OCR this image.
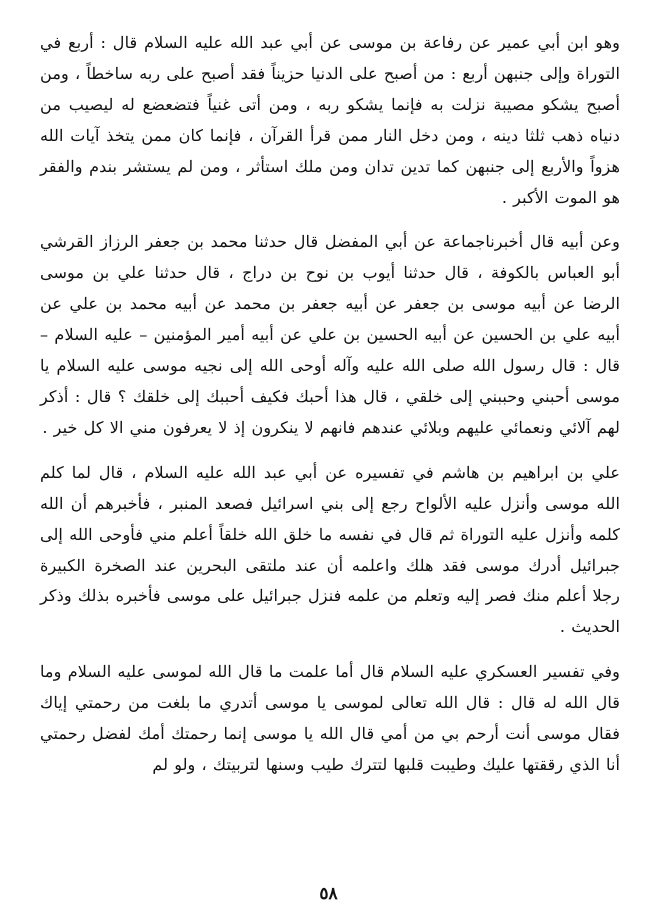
وهو ابن أبي عمير عن رفاعة بن موسى عن أبي عبد الله عليه السلام قال : أربع في التوراة وإلى جنبهن أربع : من أصبح على الدنيا حزيناً فقد أصبح على ربه ساخطاً ، ومن أصبح يشكو مصيبة نزلت به فإنما يشكو ربه ، ومن أتى غنياً فتضعضع له ليصيب من دنياه ذهب ثلثا دينه ، ومن دخل النار ممن قرأ القرآن ، فإنما كان ممن يتخذ آيات الله هزواً والأربع إلى جنبهن كما تدين تدان ومن ملك استأثر ، ومن لم يستشر بندم والفقر هو الموت الأكبر .

وعن أبيه قال أخبرناجماعة عن أبي المفضل قال حدثنا محمد بن جعفر الرزاز القرشي أبو العباس بالكوفة ، قال حدثنا أيوب بن نوح بن دراج ، قال حدثنا علي بن موسى الرضا عن أبيه موسى بن جعفر عن أبيه جعفر بن محمد عن أبيه محمد بن علي عن أبيه علي بن الحسين عن أبيه الحسين بن علي عن أبيه أمير المؤمنين – عليه السلام – قال : قال رسول الله صلى الله عليه وآله أوحى الله إلى نجيه موسى عليه السلام يا موسى أحبني وحببني إلى خلقي ، قال هذا أحبك فكيف أحببك إلى خلقك ؟ قال : أذكر لهم آلائي ونعمائي عليهم وبلائي عندهم فانهم لا ينكرون إذ لا يعرفون مني الا كل خير .

علي بن ابراهيم بن هاشم في تفسيره عن أبي عبد الله عليه السلام ، قال لما كلم الله موسى وأنزل عليه الألواح رجع إلى بني اسرائيل فصعد المنبر ، فأخبرهم أن الله كلمه وأنزل عليه التوراة ثم قال في نفسه ما خلق الله خلقاً أعلم مني فأوحى الله إلى جبرائيل أدرك موسى فقد هلك واعلمه أن عند ملتقى البحرين عند الصخرة الكبيرة رجلا أعلم منك فصر إليه وتعلم من علمه فنزل جبرائيل على موسى فأخبره بذلك وذكر الحديث .

وفي تفسير العسكري عليه السلام قال أما علمت ما قال الله لموسى عليه السلام وما قال الله له قال : قال الله تعالى لموسى يا موسى أتدري ما بلغت من رحمتي إياك فقال موسى أنت أرحم بي من أمي قال الله يا موسى إنما رحمتك أمك لفضل رحمتي أنا الذي رققتها عليك وطيبت قلبها لتترك طيب وسنها لتربيتك ، ولو لم

٥٨
